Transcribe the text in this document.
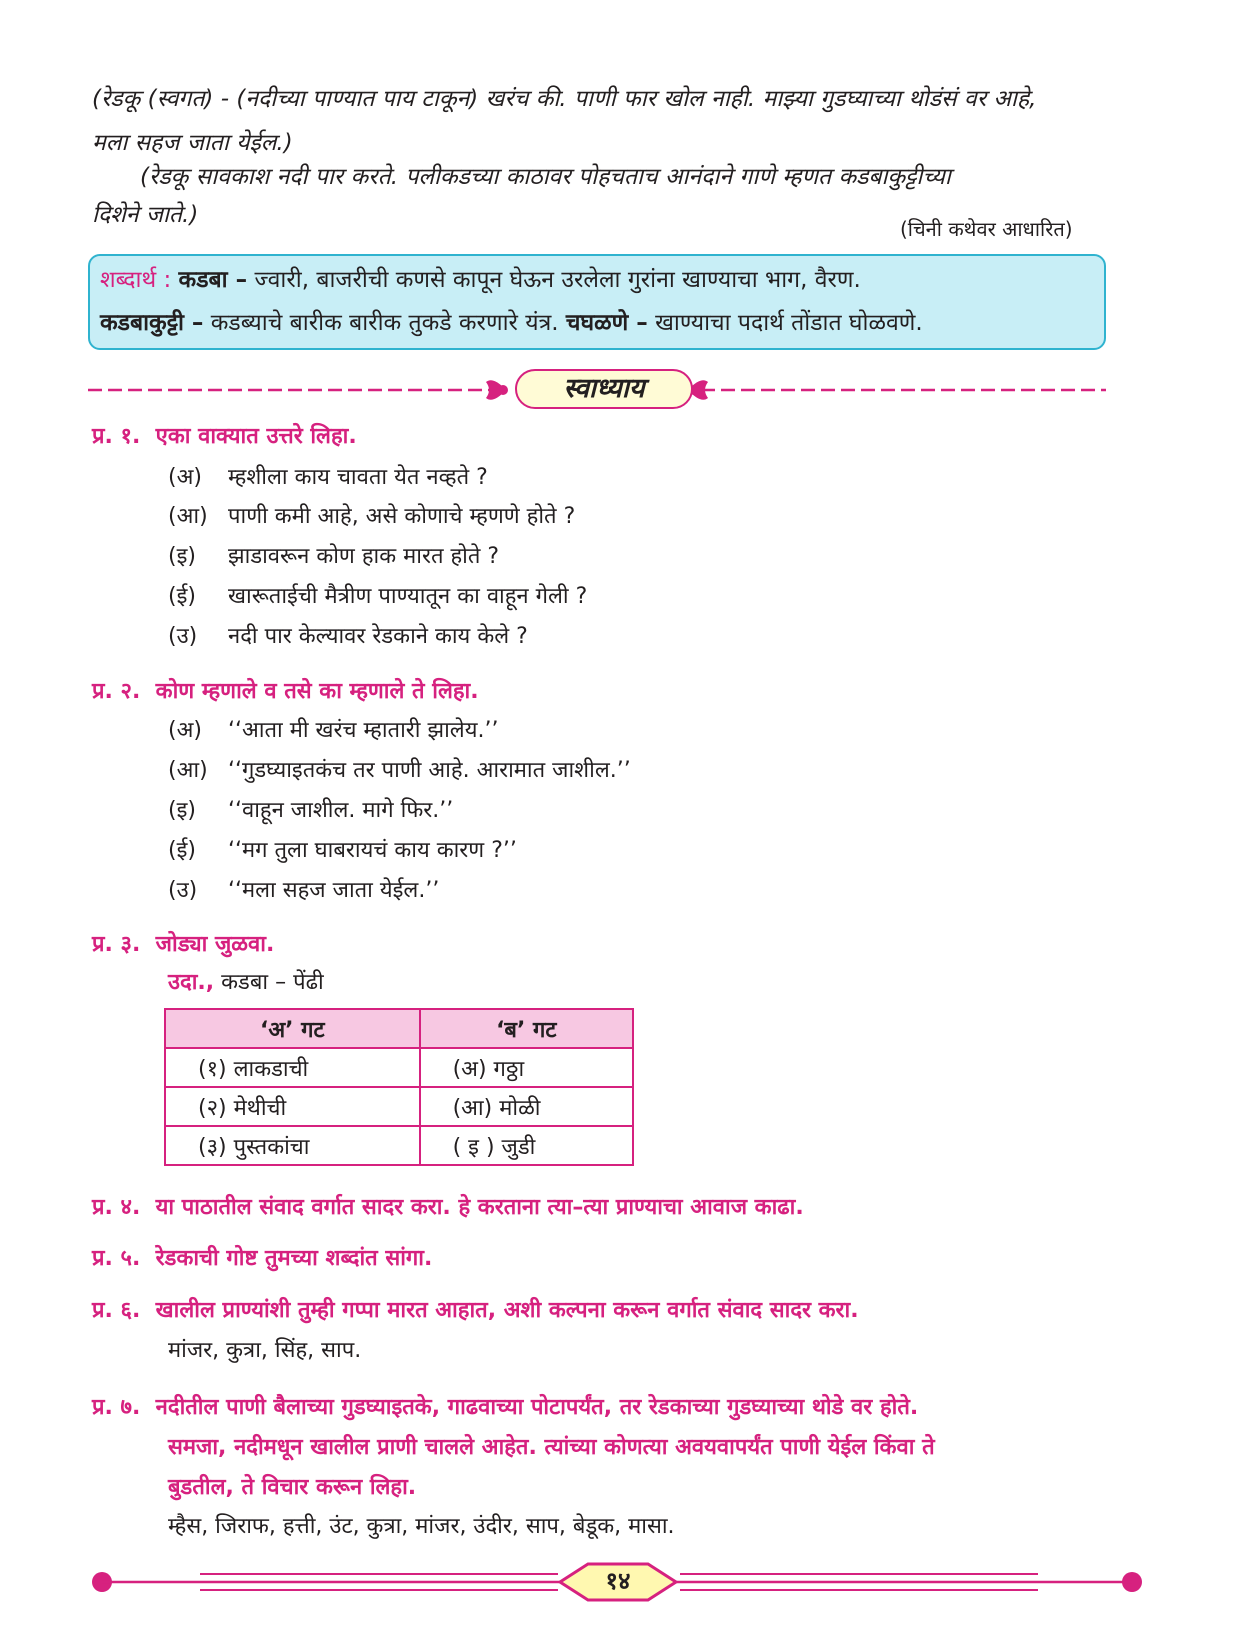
(रेडकू (स्वगत) - (नदीच्या पाण्यात पाय टाकून) खरंच की. पाणी फार खोल नाही. माझ्या गुडघ्याच्या थोडंसं वर आहे,
मला सहज जाता येईल.)
(रेडकू सावकाश नदी पार करते. पलीकडच्या काठावर पोहचताच आनंदाने गाणे म्हणत कडबाकुट्टीच्या
दिशेने जाते.)
(चिनी कथेवर आधारित)
शब्दार्थ : कडबा – ज्वारी, बाजरीची कणसे कापून घेऊन उरलेला गुरांना खाण्याचा भाग, वैरण.
कडबाकुट्टी – कडब्याचे बारीक बारीक तुकडे करणारे यंत्र. चघळणे – खाण्याचा पदार्थ तोंडात घोळवणे.
स्वाध्याय
प्र. १. एका वाक्यात उत्तरे लिहा.
(अ) म्हशीला काय चावता येत नव्हते ?
(आ) पाणी कमी आहे, असे कोणाचे म्हणणे होते ?
(इ) झाडावरून कोण हाक मारत होते ?
(ई) खारूताईची मैत्रीण पाण्यातून का वाहून गेली ?
(उ) नदी पार केल्यावर रेडकाने काय केले ?
प्र. २. कोण म्हणाले व तसे का म्हणाले ते लिहा.
(अ) ‘‘आता मी खरंच म्हातारी झालेय.’’
(आ) ‘‘गुडघ्याइतकंच तर पाणी आहे. आरामात जाशील.’’
(इ) ‘‘वाहून जाशील. मागे फिर.’’
(ई) ‘‘मग तुला घाबरायचं काय कारण ?’’
(उ) ‘‘मला सहज जाता येईल.’’
प्र. ३. जोड्या जुळवा.
उदा., कडबा – पेंढी
‘अ’ गट	‘ब’ गट
(१) लाकडाची	(अ) गठ्ठा
(२) मेथीची	(आ) मोळी
(३) पुस्तकांचा	( इ ) जुडी
प्र. ४. या पाठातील संवाद वर्गात सादर करा. हे करताना त्या–त्या प्राण्याचा आवाज काढा.
प्र. ५. रेडकाची गोष्ट तुमच्या शब्दांत सांगा.
प्र. ६. खालील प्राण्यांशी तुम्ही गप्पा मारत आहात, अशी कल्पना करून वर्गात संवाद सादर करा.
मांजर, कुत्रा, सिंह, साप.
प्र. ७. नदीतील पाणी बैलाच्या गुडघ्याइतके, गाढवाच्या पोटापर्यंत, तर रेडकाच्या गुडघ्याच्या थोडे वर होते.
समजा, नदीमधून खालील प्राणी चालले आहेत. त्यांच्या कोणत्या अवयवापर्यंत पाणी येईल किंवा ते
बुडतील, ते विचार करून लिहा.
म्हैस, जिराफ, हत्ती, उंट, कुत्रा, मांजर, उंदीर, साप, बेडूक, मासा.
१४
